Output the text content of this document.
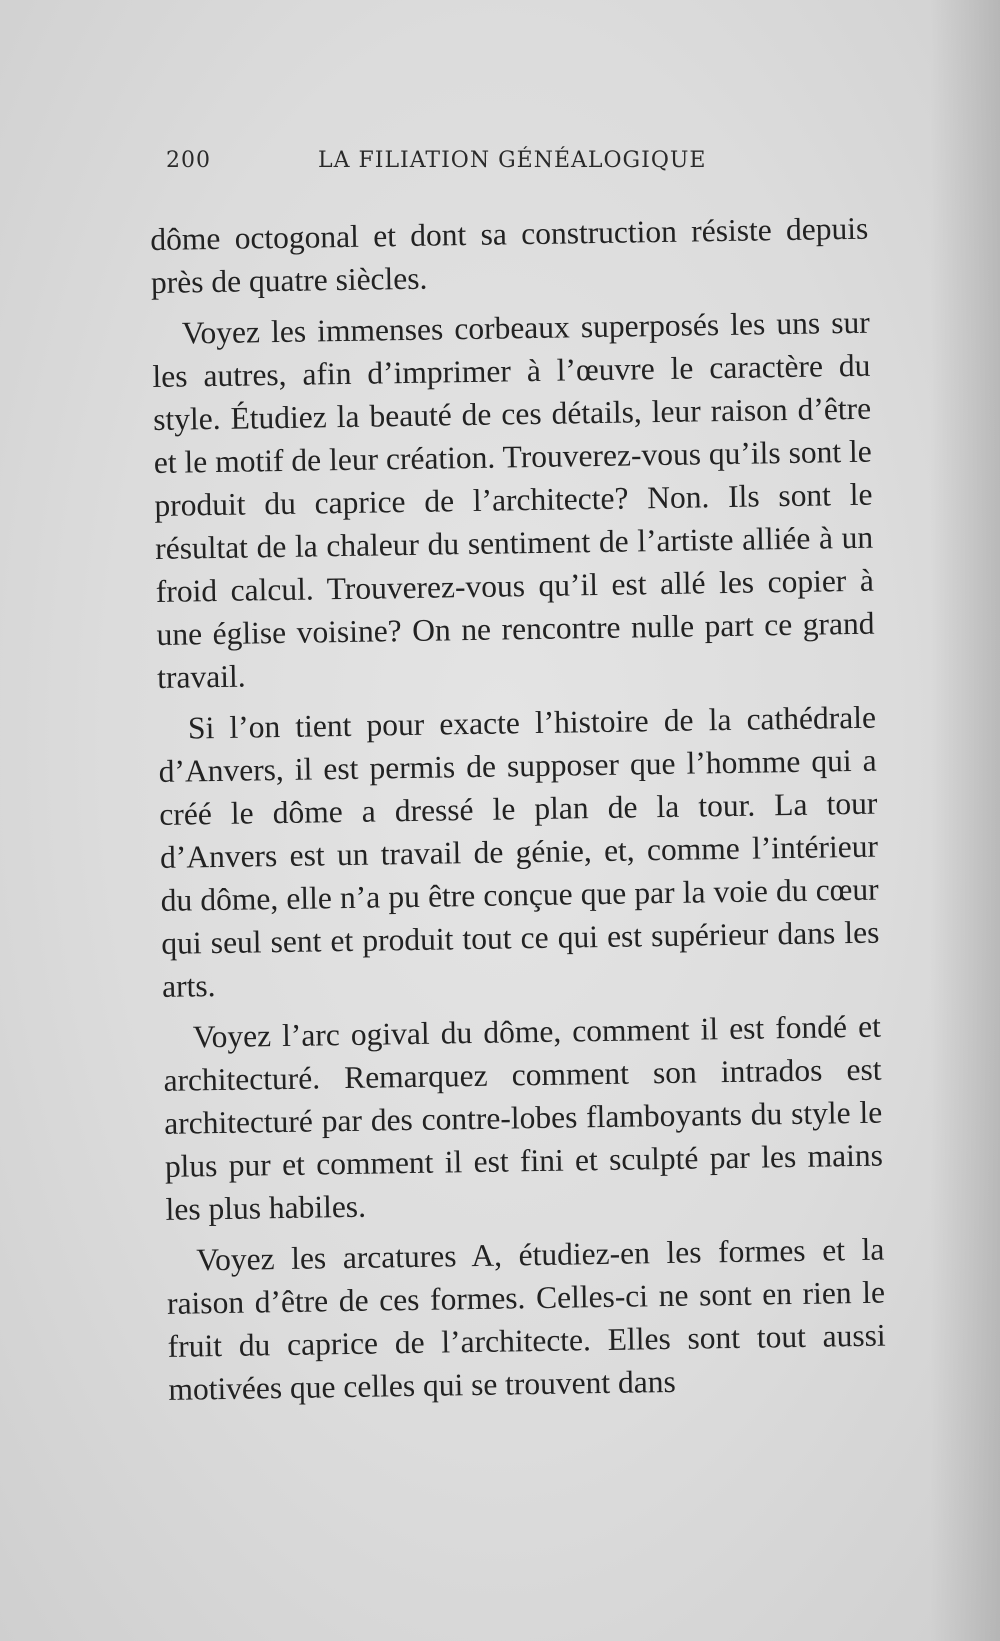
200	LA FILIATION GÉNÉALOGIQUE

dôme octogonal et dont sa construction résiste depuis près de quatre siècles.

Voyez les immenses corbeaux superposés les uns sur les autres, afin d’imprimer à l’œuvre le caractère du style. Étudiez la beauté de ces détails, leur raison d’être et le motif de leur création. Trouverez-vous qu’ils sont le produit du caprice de l’architecte? Non. Ils sont le résultat de la chaleur du sentiment de l’artiste alliée à un froid calcul. Trouverez-vous qu’il est allé les copier à une église voisine? On ne rencontre nulle part ce grand travail.

Si l’on tient pour exacte l’histoire de la cathédrale d’Anvers, il est permis de supposer que l’homme qui a créé le dôme a dressé le plan de la tour. La tour d’Anvers est un travail de génie, et, comme l’intérieur du dôme, elle n’a pu être conçue que par la voie du cœur qui seul sent et produit tout ce qui est supérieur dans les arts.

Voyez l’arc ogival du dôme, comment il est fondé et architecturé. Remarquez comment son intrados est architecturé par des contre-lobes flamboyants du style le plus pur et comment il est fini et sculpté par les mains les plus habiles.

Voyez les arcatures A, étudiez-en les formes et la raison d’être de ces formes. Celles-ci ne sont en rien le fruit du caprice de l’architecte. Elles sont tout aussi motivées que celles qui se trouvent dans
